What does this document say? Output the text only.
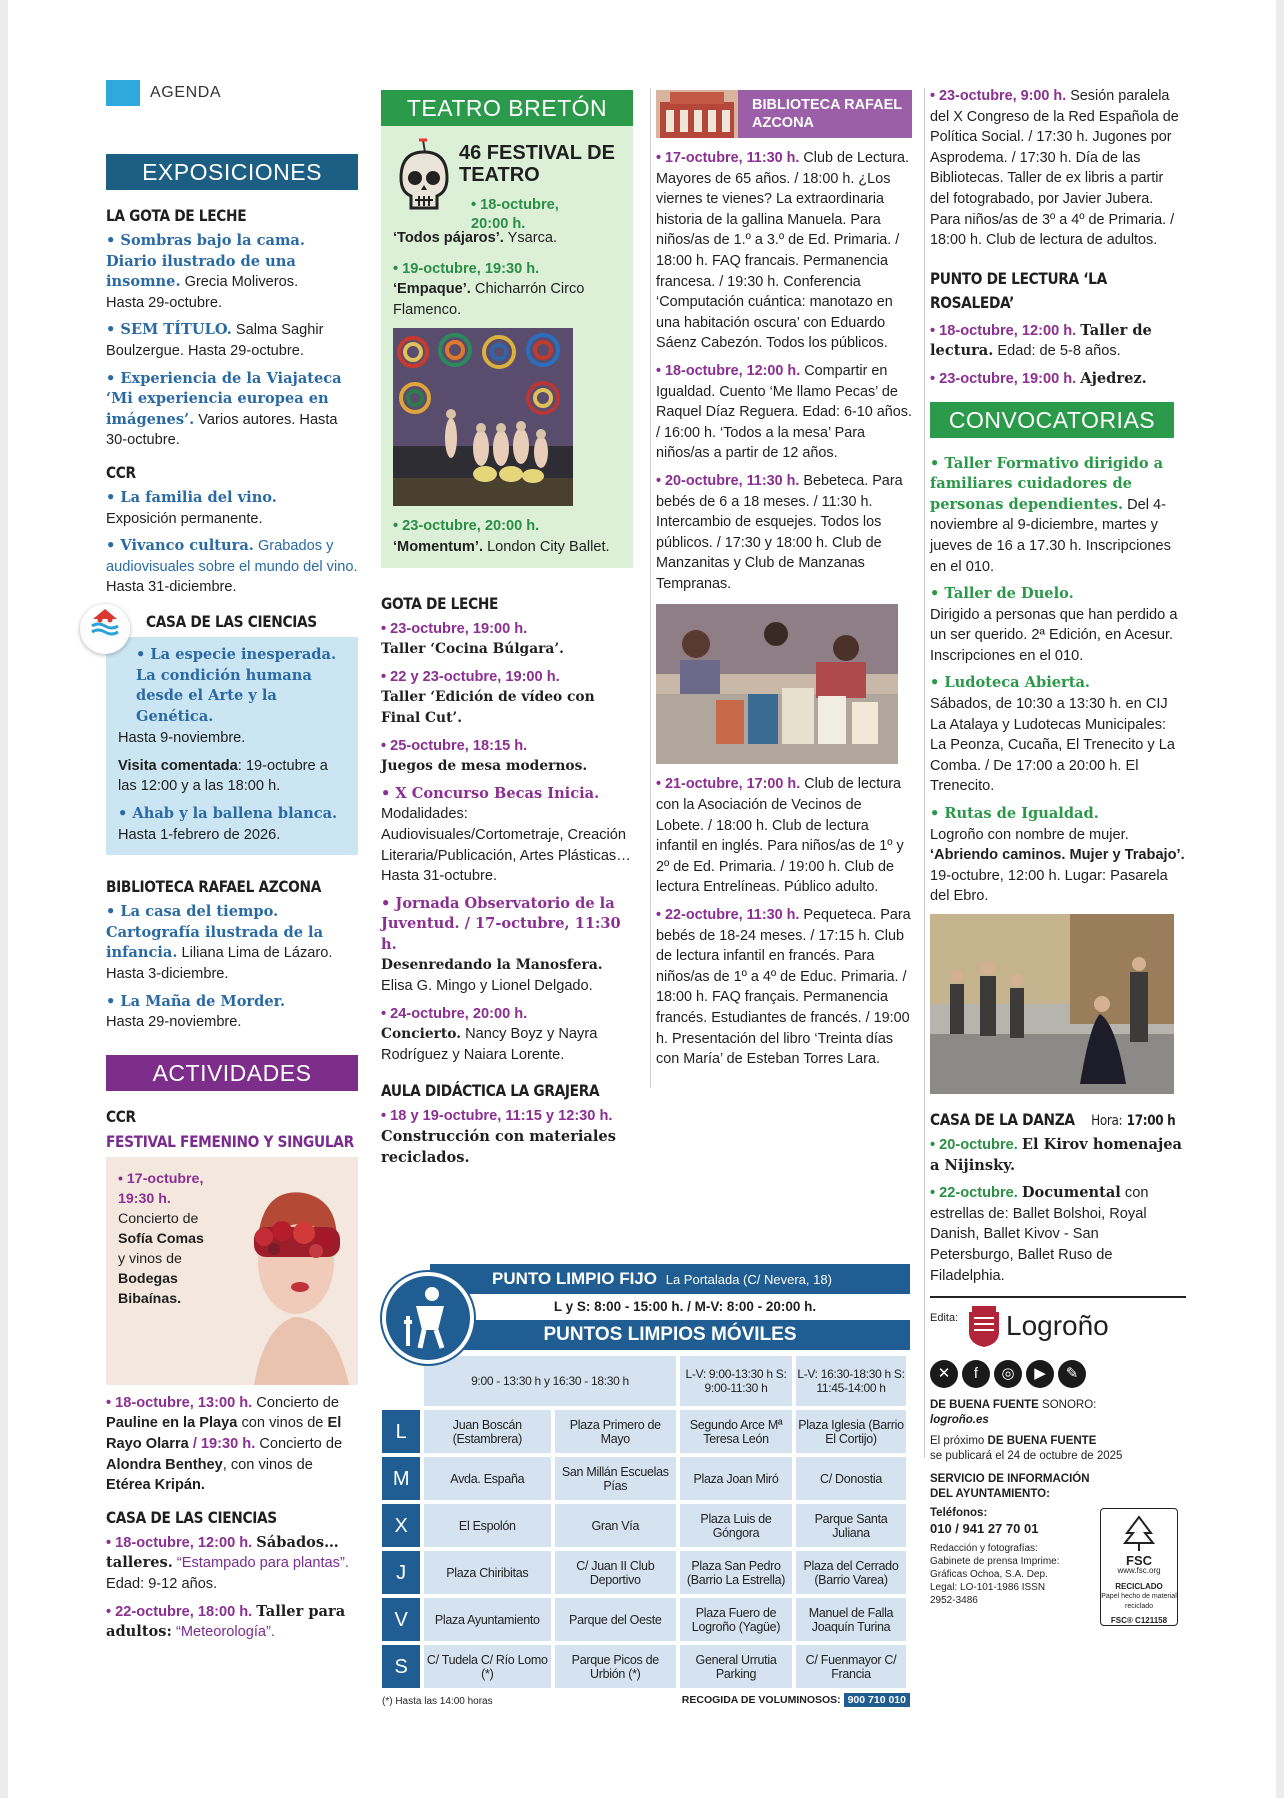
AGENDA
EXPOSICIONES
LA GOTA DE LECHE
• Sombras bajo la cama. Diario ilustrado de una insomne. Grecia Moliveros.
Hasta 29-octubre.
• SEM TÍTULO. Salma Saghir Boulzergue. Hasta 29-octubre.
• Experiencia de la Viajateca ‘Mi experiencia europea en imágenes’. Varios autores. Hasta 30-octubre.
CCR
• La familia del vino.
Exposición permanente.
• Vivanco cultura. Grabados y audiovisuales sobre el mundo del vino. Hasta 31-diciembre.
CASA DE LAS CIENCIAS
• La especie inesperada. La condición humana desde el Arte y la Genética.
Hasta 9-noviembre.
Visita comentada: 19-octubre a las 12:00 y a las 18:00 h.
• Ahab y la ballena blanca.
Hasta 1-febrero de 2026.
BIBLIOTECA RAFAEL AZCONA
• La casa del tiempo. Cartografía ilustrada de la infancia. Liliana Lima de Lázaro.
Hasta 3-diciembre.
• La Maña de Morder.
Hasta 29-noviembre.
ACTIVIDADES
CCR
FESTIVAL FEMENINO Y SINGULAR
• 17-octubre, 19:30 h.
Concierto de
Sofía Comas
y vinos de
Bodegas Bibaínas.
• 18-octubre, 13:00 h. Concierto de Pauline en la Playa con vinos de El Rayo Olarra / 19:30 h. Concierto de Alondra Benthey, con vinos de Etérea Kripán.
CASA DE LAS CIENCIAS
• 18-octubre, 12:00 h. Sábados… talleres. “Estampado para plantas”. Edad: 9-12 años.
• 22-octubre, 18:00 h. Taller para adultos: “Meteorología”.
TEATRO BRETÓN
46 FESTIVAL DE TEATRO
• 18-octubre, 20:00 h.
‘Todos pájaros’. Ysarca.
• 19-octubre, 19:30 h.
‘Empaque’. Chicharrón Circo Flamenco.
• 23-octubre, 20:00 h.
‘Momentum’. London City Ballet.
GOTA DE LECHE
• 23-octubre, 19:00 h.
Taller ‘Cocina Búlgara’.
• 22 y 23-octubre, 19:00 h.
Taller ‘Edición de vídeo con Final Cut’.
• 25-octubre, 18:15 h.
Juegos de mesa modernos.
• X Concurso Becas Inicia.
Modalidades: Audiovisuales/Cortometraje, Creación Literaria/Publicación, Artes Plásticas…
Hasta 31-octubre.
• Jornada Observatorio de la Juventud. / 17-octubre, 11:30 h.
Desenredando la Manosfera.
Elisa G. Mingo y Lionel Delgado.
• 24-octubre, 20:00 h.
Concierto. Nancy Boyz y Nayra Rodríguez y Naiara Lorente.
AULA DIDÁCTICA LA GRAJERA
• 18 y 19-octubre, 11:15 y 12:30 h. Construcción con materiales reciclados.
BIBLIOTECA RAFAEL AZCONA
• 17-octubre, 11:30 h. Club de Lectura. Mayores de 65 años. / 18:00 h. ¿Los viernes te vienes? La extraordinaria historia de la gallina Manuela. Para niños/as de 1.º a 3.º de Ed. Primaria. / 18:00 h. FAQ francais. Permanencia francesa. / 19:30 h. Conferencia ‘Computación cuántica: manotazo en una habitación oscura’ con Eduardo Sáenz Cabezón. Todos los públicos.
• 18-octubre, 12:00 h. Compartir en Igualdad. Cuento ‘Me llamo Pecas’ de Raquel Díaz Reguera. Edad: 6-10 años. / 16:00 h. ‘Todos a la mesa’ Para niños/as a partir de 12 años.
• 20-octubre, 11:30 h. Bebeteca. Para bebés de 6 a 18 meses. / 11:30 h. Intercambio de esquejes. Todos los públicos. / 17:30 y 18:00 h. Club de Manzanitas y Club de Manzanas Tempranas.
• 21-octubre, 17:00 h. Club de lectura con la Asociación de Vecinos de Lobete. / 18:00 h. Club de lectura infantil en inglés. Para niños/as de 1º y 2º de Ed. Primaria. / 19:00 h. Club de lectura Entrelíneas. Público adulto.
• 22-octubre, 11:30 h. Pequeteca. Para bebés de 18-24 meses. / 17:15 h. Club de lectura infantil en francés. Para niños/as de 1º a 4º de Educ. Primaria. / 18:00 h. FAQ français. Permanencia francés. Estudiantes de francés. / 19:00 h. Presentación del libro ‘Treinta días con María’ de Esteban Torres Lara.
• 23-octubre, 9:00 h. Sesión paralela del X Congreso de la Red Española de Política Social. / 17:30 h. Jugones por Asprodema. / 17:30 h. Día de las Bibliotecas. Taller de ex libris a partir del fotograbado, por Javier Jubera. Para niños/as de 3º a 4º de Primaria. / 18:00 h. Club de lectura de adultos.
PUNTO DE LECTURA ‘LA ROSALEDA’
• 18-octubre, 12:00 h. Taller de lectura. Edad: de 5-8 años.
• 23-octubre, 19:00 h. Ajedrez.
CONVOCATORIAS
• Taller Formativo dirigido a familiares cuidadores de personas dependientes. Del 4-noviembre al 9-diciembre, martes y jueves de 16 a 17.30 h. Inscripciones en el 010.
• Taller de Duelo.
Dirigido a personas que han perdido a un ser querido. 2ª Edición, en Acesur. Inscripciones en el 010.
• Ludoteca Abierta.
Sábados, de 10:30 a 13:30 h. en CIJ La Atalaya y Ludotecas Municipales: La Peonza, Cucaña, El Trenecito y La Comba. / De 17:00 a 20:00 h. El Trenecito.
• Rutas de Igualdad.
Logroño con nombre de mujer. ‘Abriendo caminos. Mujer y Trabajo’. 19-octubre, 12:00 h. Lugar: Pasarela del Ebro.
CASA DE LA DANZA Hora: 17:00 h
• 20-octubre. El Kirov homenajea a Nijinsky.
• 22-octubre. Documental con estrellas de: Ballet Bolshoi, Royal Danish, Ballet Kivov - San Petersburgo, Ballet Ruso de Filadelphia.
Edita: Logroño
✕ f ◎ ▶ ✎
DE BUENA FUENTE SONORO:
logroño.es
El próximo DE BUENA FUENTE
se publicará el 24 de octubre de 2025
SERVICIO DE INFORMACIÓN DEL AYUNTAMIENTO:
Teléfonos:
010 / 941 27 70 01
Redacción y fotografías: Gabinete de prensa Imprime: Gráficas Ochoa, S.A. Dep. Legal: LO-101-1986 ISSN 2952-3486
FSC
www.fsc.org
RECICLADO
Papel hecho de material reciclado
FSC® C121158
PUNTO LIMPIO FIJO La Portalada (C/ Nevera, 18)
L y S: 8:00 - 15:00 h. / M-V: 8:00 - 20:00 h.
PUNTOS LIMPIOS MÓVILES
	9:00 - 13:30 h y 16:30 - 18:30 h		L-V: 9:00-13:30 h S: 9:00-11:30 h	L-V: 16:30-18:30 h S: 11:45-14:00 h
L	Juan Boscán (Estambrera)	Plaza Primero de Mayo	Segundo Arce Mª Teresa León	Plaza Iglesia (Barrio El Cortijo)
M	Avda. España	San Millán Escuelas Pías	Plaza Joan Miró	C/ Donostia
X	El Espolón	Gran Vía	Plaza Luis de Góngora	Parque Santa Juliana
J	Plaza Chiribitas	C/ Juan II Club Deportivo	Plaza San Pedro (Barrio La Estrella)	Plaza del Cerrado (Barrio Varea)
V	Plaza Ayuntamiento	Parque del Oeste	Plaza Fuero de Logroño (Yagüe)	Manuel de Falla Joaquín Turina
S	C/ Tudela C/ Río Lomo (*)	Parque Picos de Urbión (*)	General Urrutia Parking	C/ Fuenmayor C/ Francia
(*) Hasta las 14:00 horas	RECOGIDA DE VOLUMINOSOS: 900 710 010
